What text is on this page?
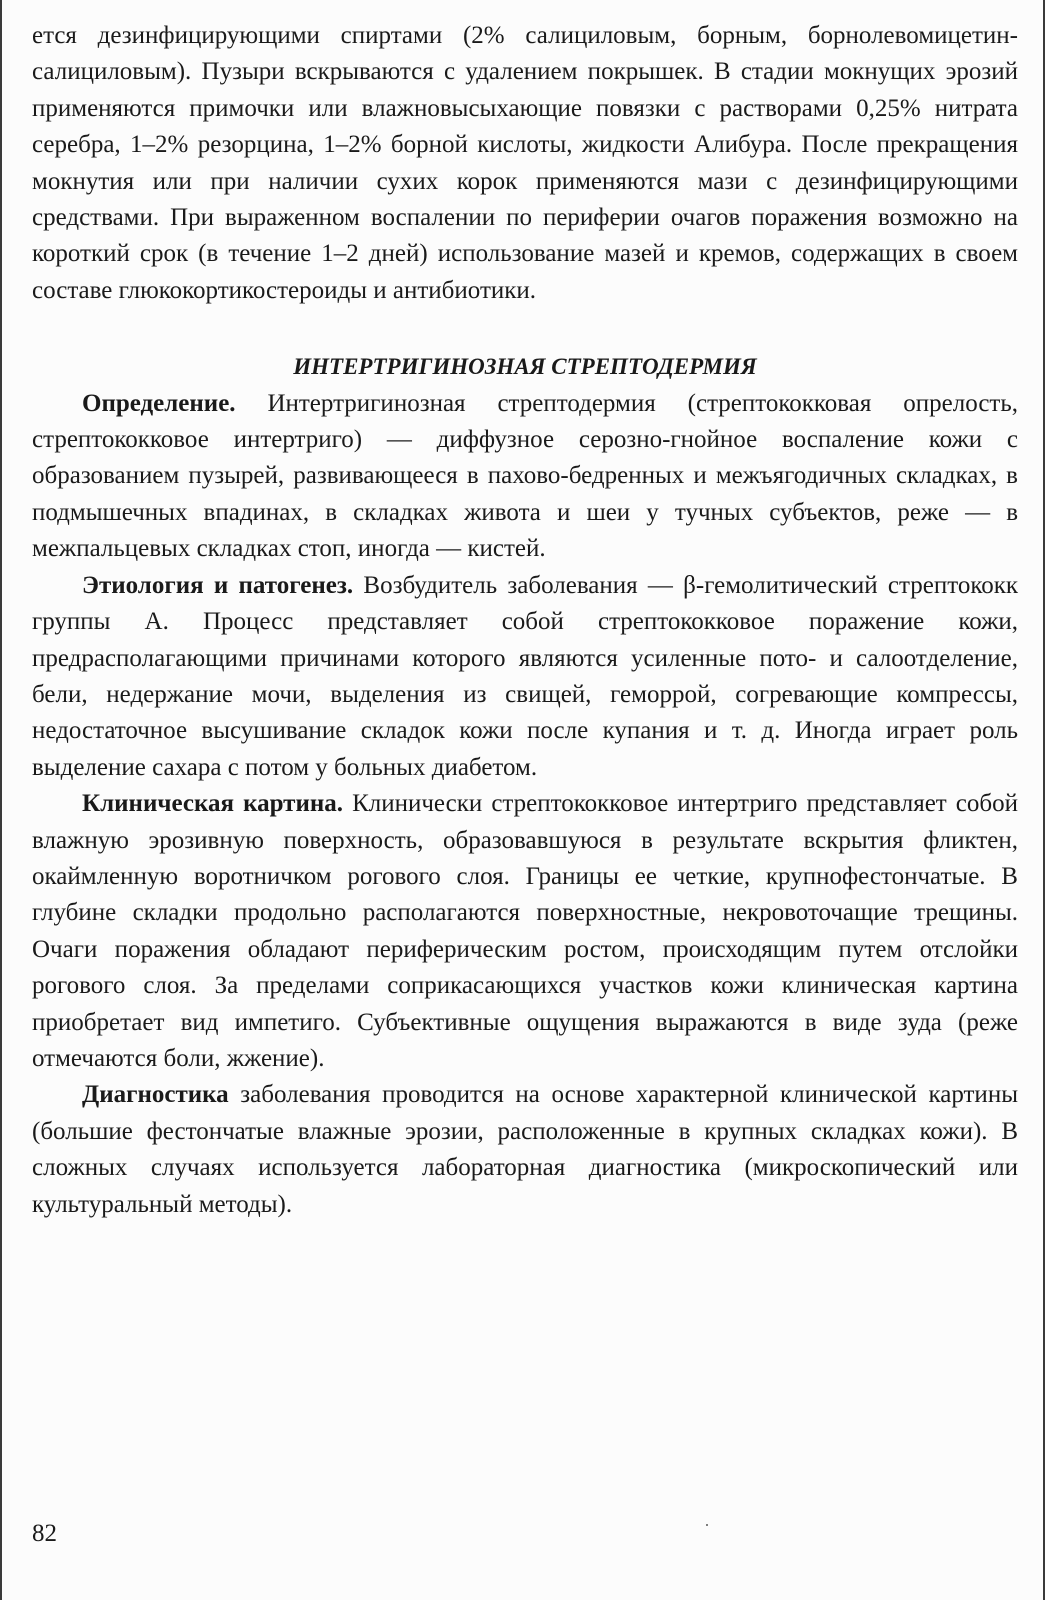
ется дезинфицирующими спиртами (2% салициловым, борным, борнолевомицетин-салициловым). Пузыри вскрываются с удалением покрышек. В стадии мокнущих эрозий применяются примочки или влажновысыхающие повязки с растворами 0,25% нитрата серебра, 1–2% резорцина, 1–2% борной кислоты, жидкости Алибура. После прекращения мокнутия или при наличии сухих корок применяются мази с дезинфицирующими средствами. При выраженном воспалении по периферии очагов поражения возможно на короткий срок (в течение 1–2 дней) использование мазей и кремов, содержащих в своем составе глюкокортикостероиды и антибиотики.

ИНТЕРТРИГИНОЗНАЯ СТРЕПТОДЕРМИЯ

Определение. Интертригинозная стрептодермия (стрептококковая опрелость, стрептококковое интертриго) — диффузное серозно-гнойное воспаление кожи с образованием пузырей, развивающееся в пахово-бедренных и межъягодичных складках, в подмышечных впадинах, в складках живота и шеи у тучных субъектов, реже — в межпальцевых складках стоп, иногда — кистей.

Этиология и патогенез. Возбудитель заболевания — β-гемолитический стрептококк группы А. Процесс представляет собой стрептококковое поражение кожи, предрасполагающими причинами которого являются усиленные пото- и салоотделение, бели, недержание мочи, выделения из свищей, геморрой, согревающие компрессы, недостаточное высушивание складок кожи после купания и т. д. Иногда играет роль выделение сахара с потом у больных диабетом.

Клиническая картина. Клинически стрептококковое интертриго представляет собой влажную эрозивную поверхность, образовавшуюся в результате вскрытия фликтен, окаймленную воротничком рогового слоя. Границы ее четкие, крупнофестончатые. В глубине складки продольно располагаются поверхностные, некровоточащие трещины. Очаги поражения обладают периферическим ростом, происходящим путем отслойки рогового слоя. За пределами соприкасающихся участков кожи клиническая картина приобретает вид импетиго. Субъективные ощущения выражаются в виде зуда (реже отмечаются боли, жжение).

Диагностика заболевания проводится на основе характерной клинической картины (большие фестончатые влажные эрозии, расположенные в крупных складках кожи). В сложных случаях используется лабораторная диагностика (микроскопический или культуральный методы).

82
